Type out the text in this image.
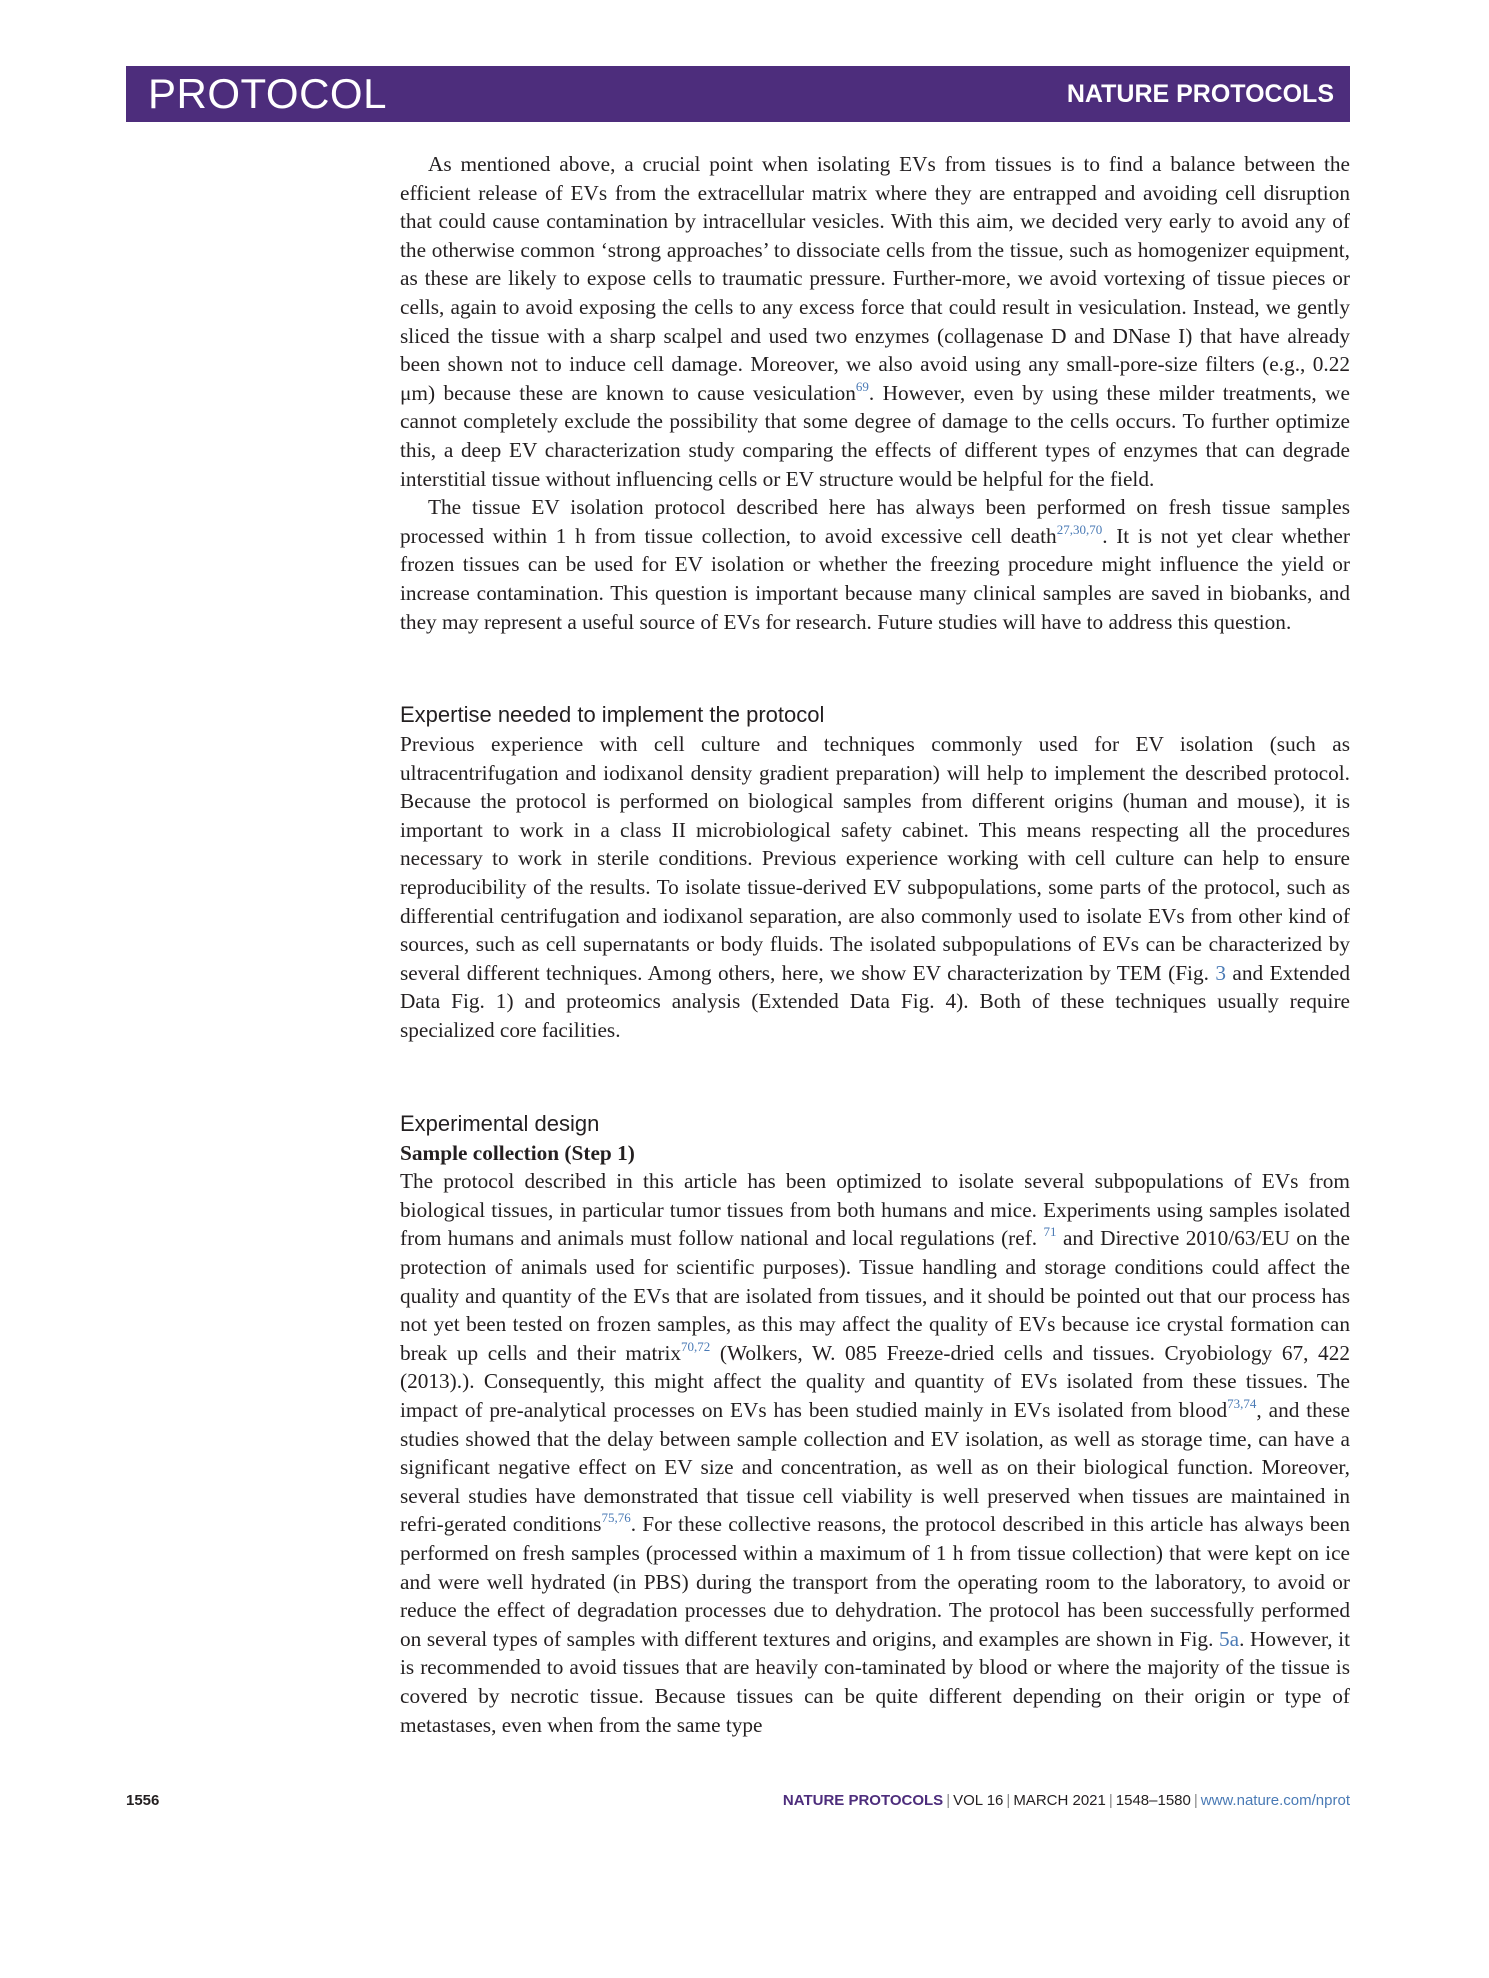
PROTOCOL	NATURE PROTOCOLS

As mentioned above, a crucial point when isolating EVs from tissues is to find a balance between the efficient release of EVs from the extracellular matrix where they are entrapped and avoiding cell disruption that could cause contamination by intracellular vesicles. With this aim, we decided very early to avoid any of the otherwise common ‘strong approaches’ to dissociate cells from the tissue, such as homogenizer equipment, as these are likely to expose cells to traumatic pressure. Further-more, we avoid vortexing of tissue pieces or cells, again to avoid exposing the cells to any excess force that could result in vesiculation. Instead, we gently sliced the tissue with a sharp scalpel and used two enzymes (collagenase D and DNase I) that have already been shown not to induce cell damage. Moreover, we also avoid using any small-pore-size filters (e.g., 0.22 μm) because these are known to cause vesiculation$^{69}$. However, even by using these milder treatments, we cannot completely exclude the possibility that some degree of damage to the cells occurs. To further optimize this, a deep EV characterization study comparing the effects of different types of enzymes that can degrade interstitial tissue without influencing cells or EV structure would be helpful for the field.

The tissue EV isolation protocol described here has always been performed on fresh tissue samples processed within 1 h from tissue collection, to avoid excessive cell death$^{27,30,70}$. It is not yet clear whether frozen tissues can be used for EV isolation or whether the freezing procedure might influence the yield or increase contamination. This question is important because many clinical samples are saved in biobanks, and they may represent a useful source of EVs for research. Future studies will have to address this question.

Expertise needed to implement the protocol

Previous experience with cell culture and techniques commonly used for EV isolation (such as ultracentrifugation and iodixanol density gradient preparation) will help to implement the described protocol. Because the protocol is performed on biological samples from different origins (human and mouse), it is important to work in a class II microbiological safety cabinet. This means respecting all the procedures necessary to work in sterile conditions. Previous experience working with cell culture can help to ensure reproducibility of the results. To isolate tissue-derived EV subpopulations, some parts of the protocol, such as differential centrifugation and iodixanol separation, are also commonly used to isolate EVs from other kind of sources, such as cell supernatants or body fluids. The isolated subpopulations of EVs can be characterized by several different techniques. Among others, here, we show EV characterization by TEM (Fig. 3 and Extended Data Fig. 1) and proteomics analysis (Extended Data Fig. 4). Both of these techniques usually require specialized core facilities.

Experimental design
Sample collection (Step 1)

The protocol described in this article has been optimized to isolate several subpopulations of EVs from biological tissues, in particular tumor tissues from both humans and mice. Experiments using samples isolated from humans and animals must follow national and local regulations (ref. $^{71}$ and Directive 2010/63/EU on the protection of animals used for scientific purposes). Tissue handling and storage conditions could affect the quality and quantity of the EVs that are isolated from tissues, and it should be pointed out that our process has not yet been tested on frozen samples, as this may affect the quality of EVs because ice crystal formation can break up cells and their matrix$^{70,72}$ (Wolkers, W. 085 Freeze-dried cells and tissues. Cryobiology 67, 422 (2013).). Consequently, this might affect the quality and quantity of EVs isolated from these tissues. The impact of pre-analytical processes on EVs has been studied mainly in EVs isolated from blood$^{73,74}$, and these studies showed that the delay between sample collection and EV isolation, as well as storage time, can have a significant negative effect on EV size and concentration, as well as on their biological function. Moreover, several studies have demonstrated that tissue cell viability is well preserved when tissues are maintained in refri-gerated conditions$^{75,76}$. For these collective reasons, the protocol described in this article has always been performed on fresh samples (processed within a maximum of 1 h from tissue collection) that were kept on ice and were well hydrated (in PBS) during the transport from the operating room to the laboratory, to avoid or reduce the effect of degradation processes due to dehydration. The protocol has been successfully performed on several types of samples with different textures and origins, and examples are shown in Fig. 5a. However, it is recommended to avoid tissues that are heavily con-taminated by blood or where the majority of the tissue is covered by necrotic tissue. Because tissues can be quite different depending on their origin or type of metastases, even when from the same type

1556	NATURE PROTOCOLS | VOL 16 | MARCH 2021 | 1548–1580 | www.nature.com/nprot
